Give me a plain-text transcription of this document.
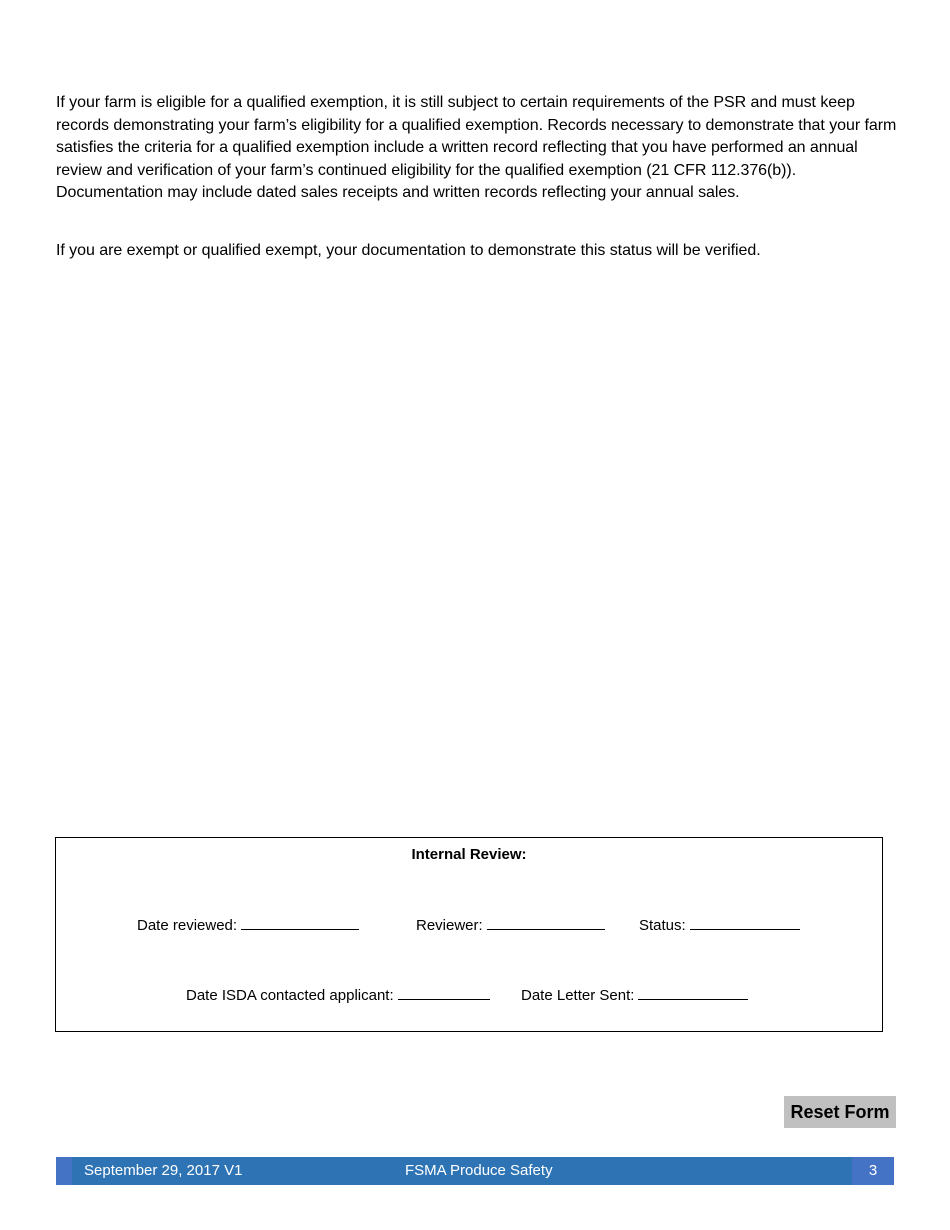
If your farm is eligible for a qualified exemption, it is still subject to certain requirements of the PSR and must keep records demonstrating your farm’s eligibility for a qualified exemption. Records necessary to demonstrate that your farm satisfies the criteria for a qualified exemption include a written record reflecting that you have performed an annual review and verification of your farm’s continued eligibility for the qualified exemption (21 CFR 112.376(b)). Documentation may include dated sales receipts and written records reflecting your annual sales.

If you are exempt or qualified exempt, your documentation to demonstrate this status will be verified.

Internal Review:
Date reviewed:	Reviewer:	Status:
Date ISDA contacted applicant:	Date Letter Sent:
Reset Form
September 29, 2017 V1	FSMA Produce Safety	3
